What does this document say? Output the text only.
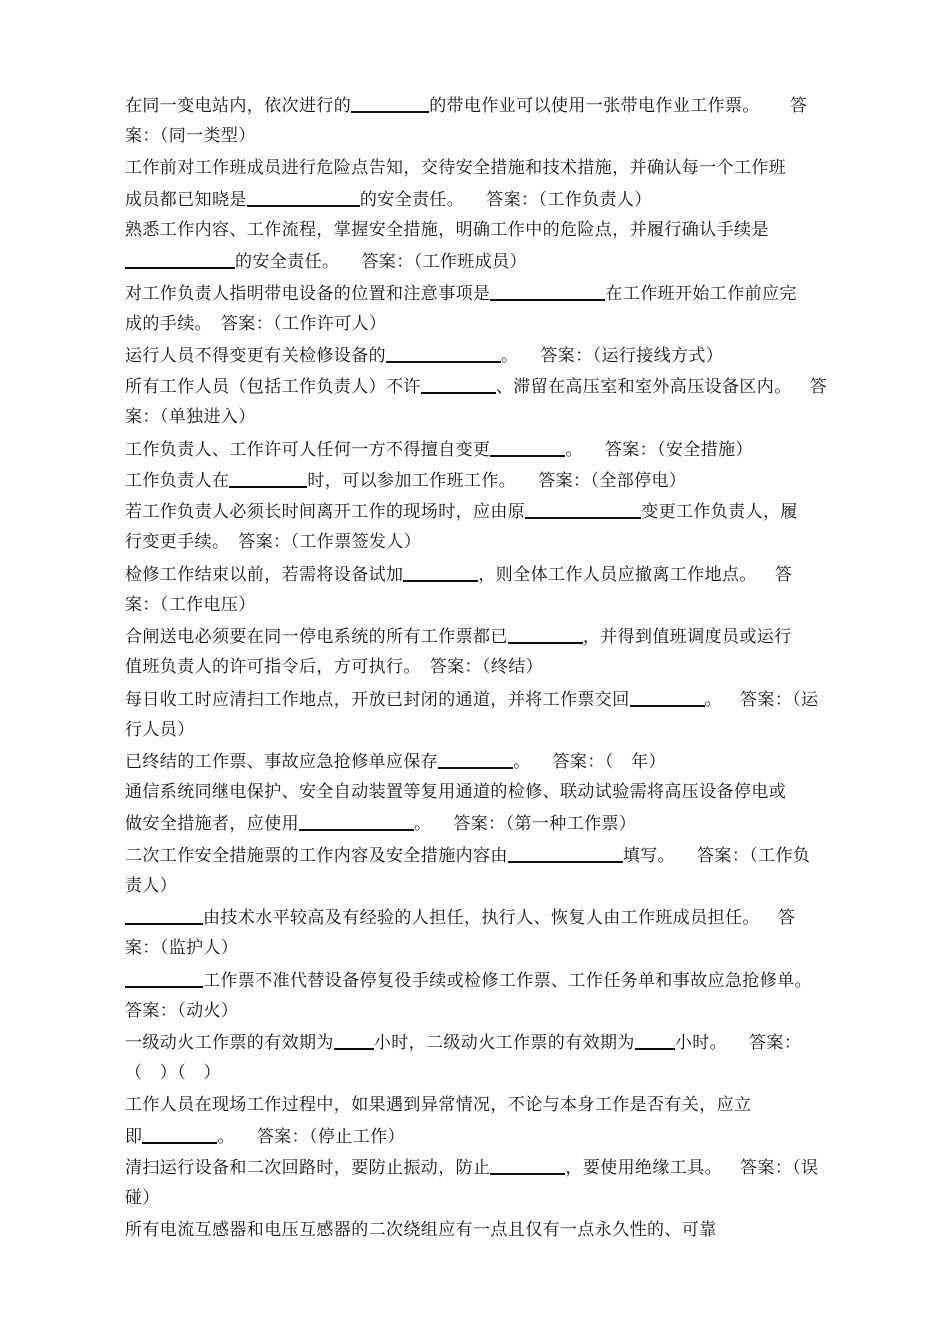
在同一变电站内，依次进行的	的带电作业可以使用一张带电作业工作票。 答
案：（同一类型）
工作前对工作班成员进行危险点告知，交待安全措施和技术措施，并确认每一个工作班
成员都已知晓是	的安全责任。 答案：（工作负责人）
熟悉工作内容、工作流程，掌握安全措施，明确工作中的危险点，并履行确认手续是
的安全责任。 答案：（工作班成员）
对工作负责人指明带电设备的位置和注意事项是	在工作班开始工作前应完
成的手续。　答案：（工作许可人）
运行人员不得变更有关检修设备的	。 答案：（运行接线方式）
所有工作人员（包括工作负责人）不许	、滞留在高压室和室外高压设备区内。 答
案：（单独进入）
工作负责人、工作许可人任何一方不得擅自变更	。 答案：（安全措施）
工作负责人在	时，可以参加工作班工作。 答案：（全部停电）
若工作负责人必须长时间离开工作的现场时，应由原	变更工作负责人，履
行变更手续。　答案：（工作票签发人）
检修工作结束以前，若需将设备试加	，则全体工作人员应撤离工作地点。 答
案：（工作电压）
合闸送电必须要在同一停电系统的所有工作票都已	，并得到值班调度员或运行
值班负责人的许可指令后，方可执行。　答案：（终结）
每日收工时应清扫工作地点，开放已封闭的通道，并将工作票交回	。 答案：（运
行人员）
已终结的工作票、事故应急抢修单应保存	。 答案：（　年）
通信系统同继电保护、安全自动装置等复用通道的检修、联动试验需将高压设备停电或
做安全措施者，应使用	。 答案：（第一种工作票）
二次工作安全措施票的工作内容及安全措施内容由	填写。 答案：（工作负
责人）
由技术水平较高及有经验的人担任，执行人、恢复人由工作班成员担任。 答
案：（监护人）
工作票不准代替设备停复役手续或检修工作票、工作任务单和事故应急抢修单。
答案：（动火）
一级动火工作票的有效期为 小时，二级动火工作票的有效期为 小时。 答案：
（　）（　）
工作人员在现场工作过程中，如果遇到异常情况，不论与本身工作是否有关，应立
即	。 答案：（停止工作）
清扫运行设备和二次回路时，要防止振动，防止	，要使用绝缘工具。 答案：（误
碰）
所有电流互感器和电压互感器的二次绕组应有一点且仅有一点永久性的、可靠
